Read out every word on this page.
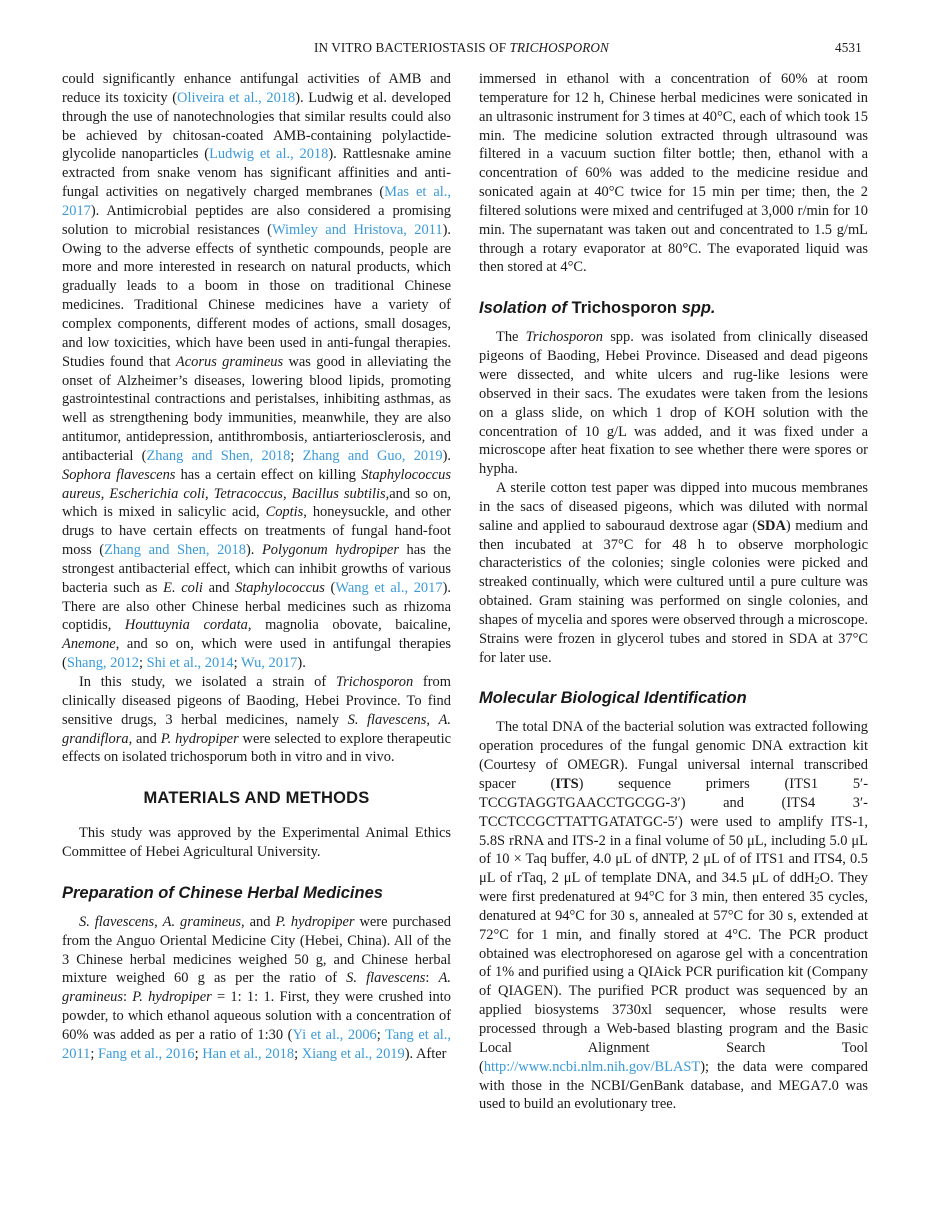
IN VITRO BACTERIOSTASIS OF TRICHOSPORON	4531

could significantly enhance antifungal activities of AMB and reduce its toxicity (Oliveira et al., 2018). Ludwig et al. developed through the use of nanotechnologies that similar results could also be achieved by chitosan-coated AMB-containing polylactide-glycolide nanoparticles (Ludwig et al., 2018). Rattlesnake amine extracted from snake venom has significant affinities and anti-fungal activities on negatively charged membranes (Mas et al., 2017). Antimicrobial peptides are also considered a promising solution to microbial resistances (Wimley and Hristova, 2011). Owing to the adverse effects of synthetic compounds, people are more and more interested in research on natural products, which gradually leads to a boom in those on traditional Chinese medicines. Traditional Chinese medicines have a variety of complex components, different modes of actions, small dosages, and low toxicities, which have been used in anti-fungal therapies. Studies found that Acorus gramineus was good in alleviating the onset of Alzheimer’s diseases, lowering blood lipids, promoting gastrointestinal contractions and peristalses, inhibiting asthmas, as well as strengthening body immunities, meanwhile, they are also antitumor, antidepression, antithrombosis, antiarteriosclerosis, and antibacterial (Zhang and Shen, 2018; Zhang and Guo, 2019). Sophora flavescens has a certain effect on killing Staphylococcus aureus, Escherichia coli, Tetracoccus, Bacillus subtilis,and so on, which is mixed in salicylic acid, Coptis, honeysuckle, and other drugs to have certain effects on treatments of fungal hand-foot moss (Zhang and Shen, 2018). Polygonum hydropiper has the strongest antibacterial effect, which can inhibit growths of various bacteria such as E. coli and Staphylococcus (Wang et al., 2017). There are also other Chinese herbal medicines such as rhizoma coptidis, Houttuynia cordata, magnolia obovate, baicaline, Anemone, and so on, which were used in antifungal therapies (Shang, 2012; Shi et al., 2014; Wu, 2017).

In this study, we isolated a strain of Trichosporon from clinically diseased pigeons of Baoding, Hebei Province. To find sensitive drugs, 3 herbal medicines, namely S. flavescens, A. grandiflora, and P. hydropiper were selected to explore therapeutic effects on isolated trichosporum both in vitro and in vivo.

MATERIALS AND METHODS

This study was approved by the Experimental Animal Ethics Committee of Hebei Agricultural University.

Preparation of Chinese Herbal Medicines

S. flavescens, A. gramineus, and P. hydropiper were purchased from the Anguo Oriental Medicine City (Hebei, China). All of the 3 Chinese herbal medicines weighed 50 g, and Chinese herbal mixture weighed 60 g as per the ratio of S. flavescens: A. gramineus: P. hydropiper = 1: 1: 1. First, they were crushed into powder, to which ethanol aqueous solution with a concentration of 60% was added as per a ratio of 1:30 (Yi et al., 2006; Tang et al., 2011; Fang et al., 2016; Han et al., 2018; Xiang et al., 2019). After

immersed in ethanol with a concentration of 60% at room temperature for 12 h, Chinese herbal medicines were sonicated in an ultrasonic instrument for 3 times at 40°C, each of which took 15 min. The medicine solution extracted through ultrasound was filtered in a vacuum suction filter bottle; then, ethanol with a concentration of 60% was added to the medicine residue and sonicated again at 40°C twice for 15 min per time; then, the 2 filtered solutions were mixed and centrifuged at 3,000 r/min for 10 min. The supernatant was taken out and concentrated to 1.5 g/mL through a rotary evaporator at 80°C. The evaporated liquid was then stored at 4°C.

Isolation of Trichosporon spp.

The Trichosporon spp. was isolated from clinically diseased pigeons of Baoding, Hebei Province. Diseased and dead pigeons were dissected, and white ulcers and rug-like lesions were observed in their sacs. The exudates were taken from the lesions on a glass slide, on which 1 drop of KOH solution with the concentration of 10 g/L was added, and it was fixed under a microscope after heat fixation to see whether there were spores or hypha.

A sterile cotton test paper was dipped into mucous membranes in the sacs of diseased pigeons, which was diluted with normal saline and applied to sabouraud dextrose agar (SDA) medium and then incubated at 37°C for 48 h to observe morphologic characteristics of the colonies; single colonies were picked and streaked continually, which were cultured until a pure culture was obtained. Gram staining was performed on single colonies, and shapes of mycelia and spores were observed through a microscope. Strains were frozen in glycerol tubes and stored in SDA at 37°C for later use.

Molecular Biological Identification

The total DNA of the bacterial solution was extracted following operation procedures of the fungal genomic DNA extraction kit (Courtesy of OMEGR). Fungal universal internal transcribed spacer (ITS) sequence primers (ITS1 5′-TCCGTAGGTGAACCTGCGG-3′) and (ITS4 3′-TCCTCCGCTTATTGATATGC-5′) were used to amplify ITS-1, 5.8S rRNA and ITS-2 in a final volume of 50 μL, including 5.0 μL of 10 × Taq buffer, 4.0 μL of dNTP, 2 μL of of ITS1 and ITS4, 0.5 μL of rTaq, 2 μL of template DNA, and 34.5 μL of ddH$_2$O. They were first predenatured at 94°C for 3 min, then entered 35 cycles, denatured at 94°C for 30 s, annealed at 57°C for 30 s, extended at 72°C for 1 min, and finally stored at 4°C. The PCR product obtained was electrophoresed on agarose gel with a concentration of 1% and purified using a QIAick PCR purification kit (Company of QIAGEN). The purified PCR product was sequenced by an applied biosystems 3730xl sequencer, whose results were processed through a Web-based blasting program and the Basic Local Alignment Search Tool (http://www.ncbi.nlm.nih.gov/BLAST); the data were compared with those in the NCBI/GenBank database, and MEGA7.0 was used to build an evolutionary tree.
